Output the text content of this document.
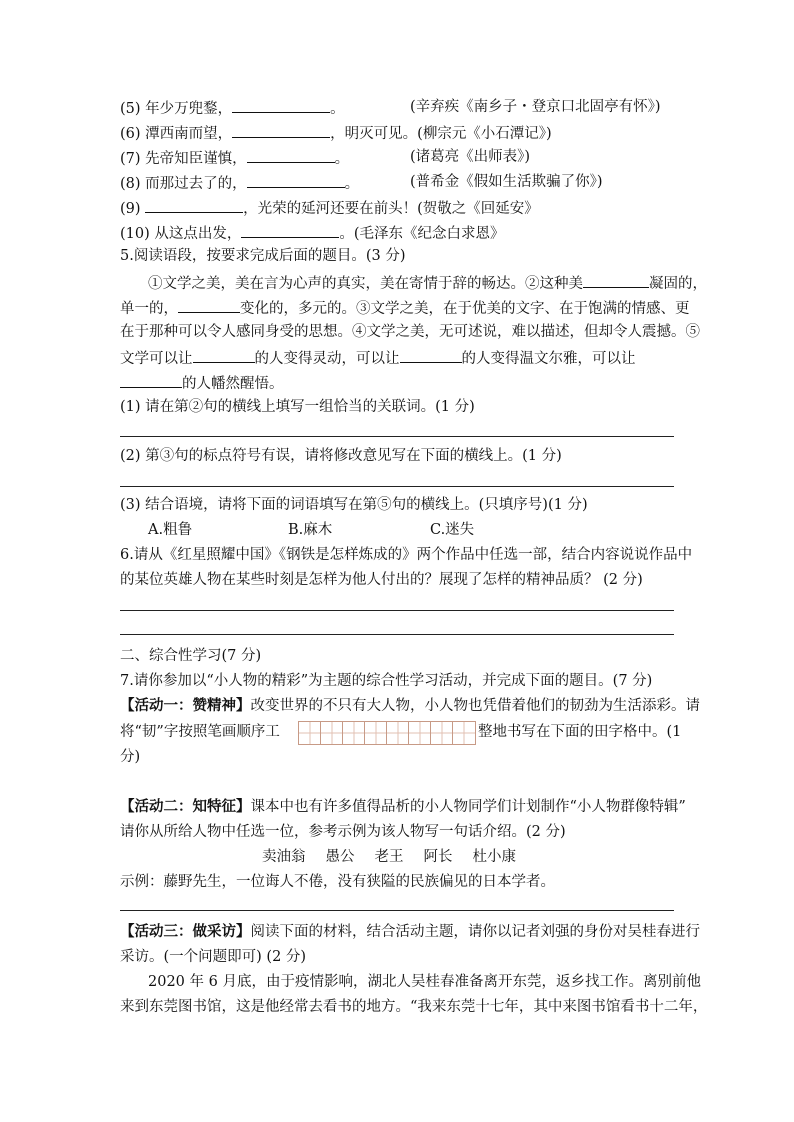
(5) 年少万兜鍪，	。	(辛弃疾《南乡子・登京口北固亭有怀》)
(6) 潭西南而望，	，明灭可见。(柳宗元《小石潭记》)
(7) 先帝知臣谨慎，	。	(诸葛亮《出师表》)
(8) 而那过去了的，	。	(普希金《假如生活欺骗了你》)
(9)	，光荣的延河还要在前头！(贺敬之《回延安》
(10) 从这点出发，	。(毛泽东《纪念白求恩》
5.阅读语段，按要求完成后面的题目。(3 分)
①文学之美，美在言为心声的真实，美在寄情于辞的畅达。②这种美	凝固的，
单一的，	变化的，多元的。③文学之美，在于优美的文字、在于饱满的情感、更
在于那种可以令人感同身受的思想。④文学之美，无可述说，难以描述，但却令人震撼。⑤
文学可以让	的人变得灵动，可以让	的人变得温文尔雅，可以让
的人幡然醒悟。
(1) 请在第②句的横线上填写一组恰当的关联词。(1 分)
(2) 第③句的标点符号有误，请将修改意见写在下面的横线上。(1 分)
(3) 结合语境，请将下面的词语填写在第⑤句的横线上。(只填序号)(1 分)
A.粗鲁	B.麻木	C.迷失
6.请从《红星照耀中国》《钢铁是怎样炼成的》两个作品中任选一部，结合内容说说作品中
的某位英雄人物在某些时刻是怎样为他人付出的？展现了怎样的精神品质？ (2 分)
二、综合性学习(7 分)
7.请你参加以“小人物的精彩”为主题的综合性学习活动，并完成下面的题目。(7 分)
【活动一：赞精神】改变世界的不只有大人物，小人物也凭借着他们的韧劲为生活添彩。请
将“韧”字按照笔画顺序工	整地书写在下面的田字格中。(1
分)
【活动二：知特征】课本中也有许多值得品析的小人物同学们计划制作“小人物群像特辑”
请你从所给人物中任选一位，参考示例为该人物写一句话介绍。(2 分)
卖油翁 愚公 老王 阿长 杜小康
示例：藤野先生，一位诲人不倦，没有狭隘的民族偏见的日本学者。
【活动三：做采访】阅读下面的材料，结合活动主题，请你以记者刘强的身份对吴桂春进行
采访。(一个问题即可) (2 分)
2020 年 6 月底，由于疫情影响，湖北人吴桂春准备离开东莞，返乡找工作。离别前他
来到东莞图书馆，这是他经常去看书的地方。“我来东莞十七年，其中来图书馆看书十二年，
